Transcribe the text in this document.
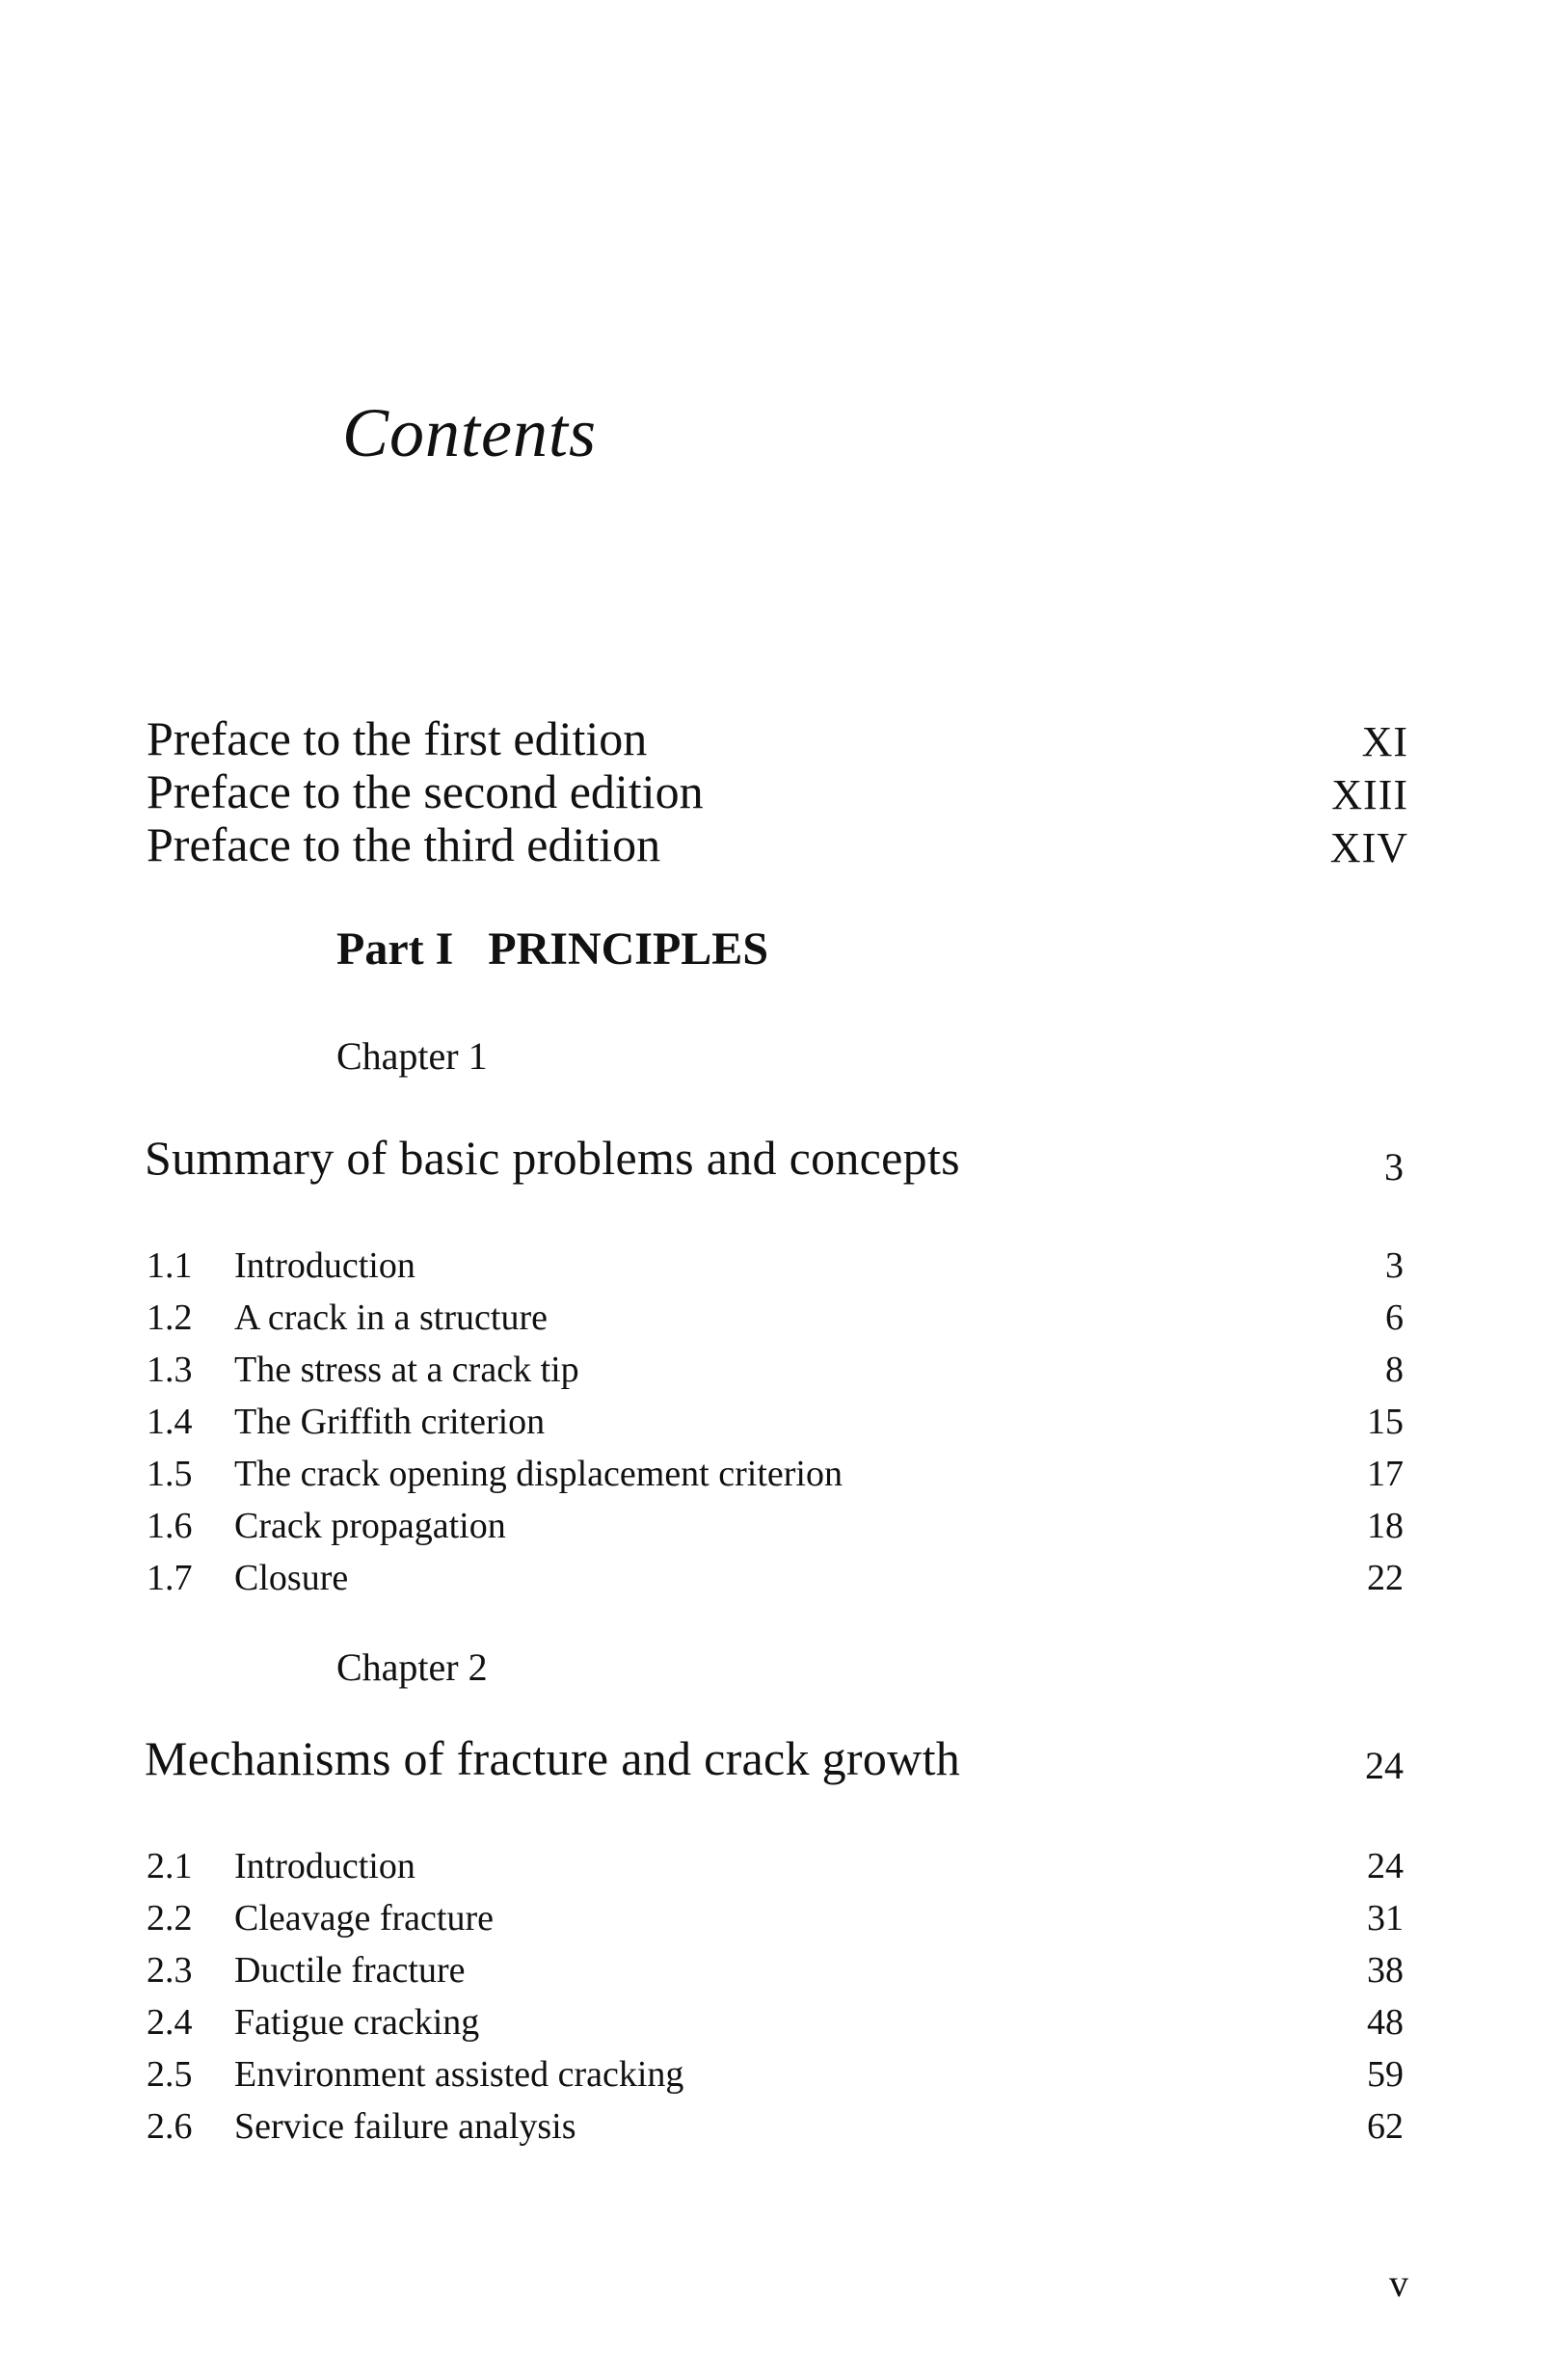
Contents
Preface to the first edition	XI
Preface to the second edition	XIII
Preface to the third edition	XIV
Part I PRINCIPLES
Chapter 1
Summary of basic problems and concepts	3
1.1 Introduction	3
1.2 A crack in a structure	6
1.3 The stress at a crack tip	8
1.4 The Griffith criterion	15
1.5 The crack opening displacement criterion	17
1.6 Crack propagation	18
1.7 Closure	22
Chapter 2
Mechanisms of fracture and crack growth	24
2.1 Introduction	24
2.2 Cleavage fracture	31
2.3 Ductile fracture	38
2.4 Fatigue cracking	48
2.5 Environment assisted cracking	59
2.6 Service failure analysis	62
v
